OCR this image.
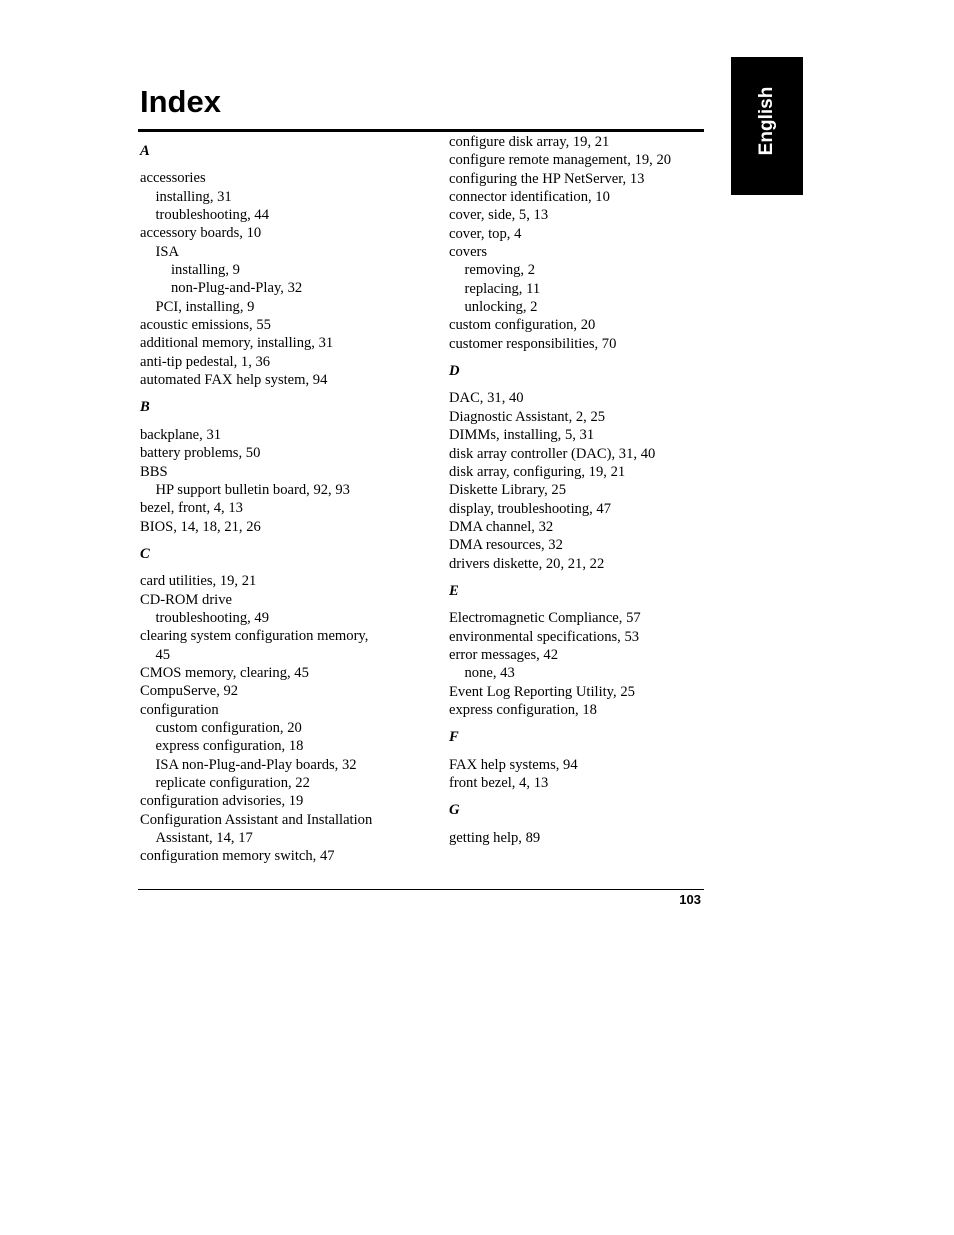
Index	English
A
accessories
installing, 31
troubleshooting, 44
accessory boards, 10
ISA
installing, 9
non-Plug-and-Play, 32
PCI, installing, 9
acoustic emissions, 55
additional memory, installing, 31
anti-tip pedestal, 1, 36
automated FAX help system, 94
B
backplane, 31
battery problems, 50
BBS
HP support bulletin board, 92, 93
bezel, front, 4, 13
BIOS, 14, 18, 21, 26
C
card utilities, 19, 21
CD-ROM drive
troubleshooting, 49
clearing system configuration memory,
45
CMOS memory, clearing, 45
CompuServe, 92
configuration
custom configuration, 20
express configuration, 18
ISA non-Plug-and-Play boards, 32
replicate configuration, 22
configuration advisories, 19
Configuration Assistant and Installation
Assistant, 14, 17
configuration memory switch, 47
configure disk array, 19, 21
configure remote management, 19, 20
configuring the HP NetServer, 13
connector identification, 10
cover, side, 5, 13
cover, top, 4
covers
removing, 2
replacing, 11
unlocking, 2
custom configuration, 20
customer responsibilities, 70
D
DAC, 31, 40
Diagnostic Assistant, 2, 25
DIMMs, installing, 5, 31
disk array controller (DAC), 31, 40
disk array, configuring, 19, 21
Diskette Library, 25
display, troubleshooting, 47
DMA channel, 32
DMA resources, 32
drivers diskette, 20, 21, 22
E
Electromagnetic Compliance, 57
environmental specifications, 53
error messages, 42
none, 43
Event Log Reporting Utility, 25
express configuration, 18
F
FAX help systems, 94
front bezel, 4, 13
G
getting help, 89
103
